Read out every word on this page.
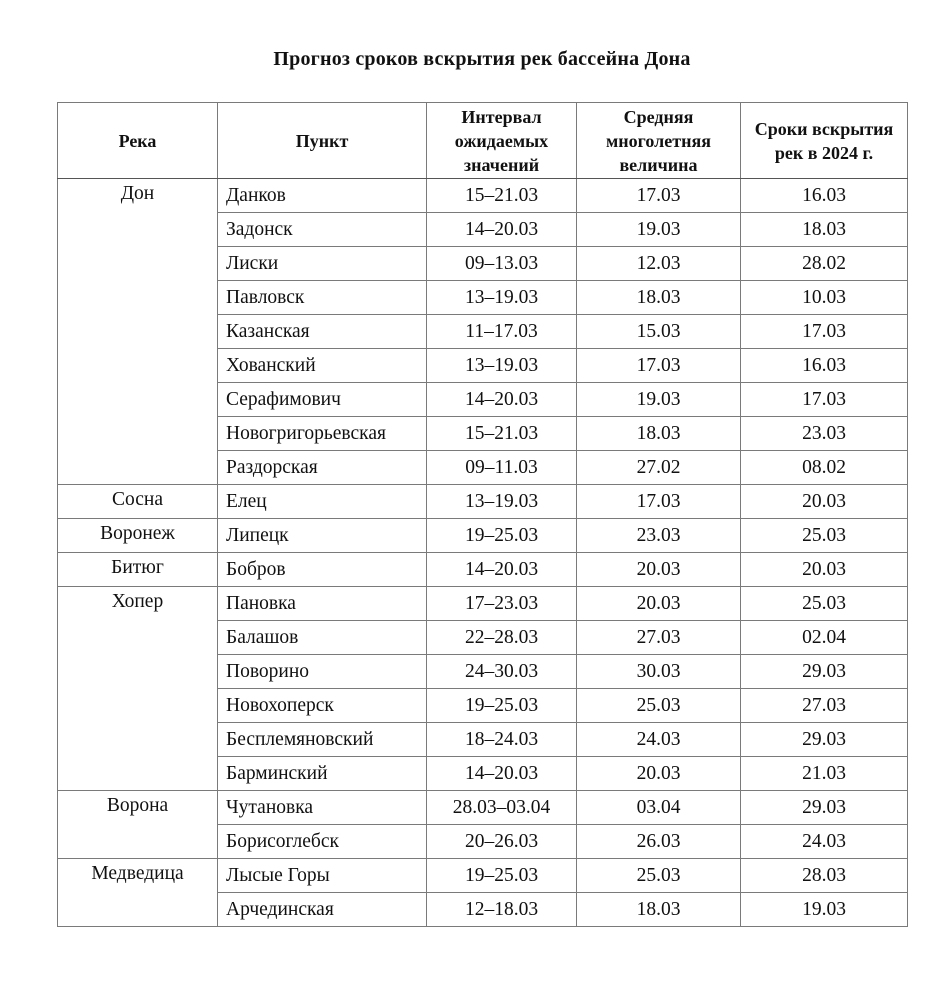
Прогноз сроков вскрытия рек бассейна Дона
Река	Пункт	Интервал ожидаемых значений	Средняя многолетняя величина	Сроки вскрытия рек в 2024 г.
Дон	Данков	15–21.03	17.03	16.03
	Задонск	14–20.03	19.03	18.03
	Лиски	09–13.03	12.03	28.02
	Павловск	13–19.03	18.03	10.03
	Казанская	11–17.03	15.03	17.03
	Хованский	13–19.03	17.03	16.03
	Серафимович	14–20.03	19.03	17.03
	Новогригорьевская	15–21.03	18.03	23.03
	Раздорская	09–11.03	27.02	08.02
Сосна	Елец	13–19.03	17.03	20.03
Воронеж	Липецк	19–25.03	23.03	25.03
Битюг	Бобров	14–20.03	20.03	20.03
Хопер	Пановка	17–23.03	20.03	25.03
	Балашов	22–28.03	27.03	02.04
	Поворино	24–30.03	30.03	29.03
	Новохоперск	19–25.03	25.03	27.03
	Бесплемяновский	18–24.03	24.03	29.03
	Барминский	14–20.03	20.03	21.03
Ворона	Чутановка	28.03–03.04	03.04	29.03
	Борисоглебск	20–26.03	26.03	24.03
Медведица	Лысые Горы	19–25.03	25.03	28.03
	Арчединская	12–18.03	18.03	19.03
